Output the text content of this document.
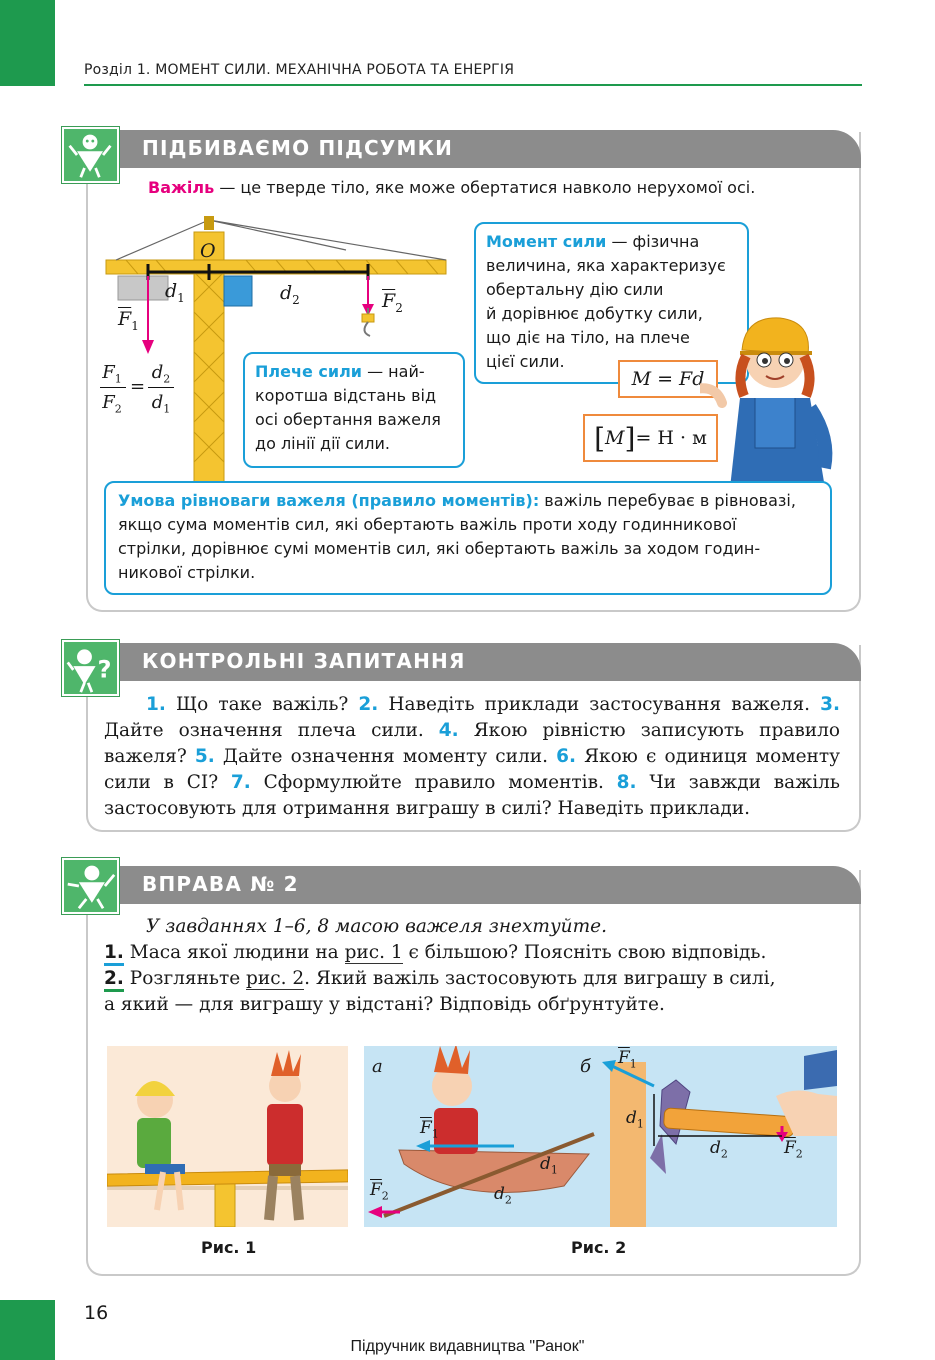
Розділ 1. МОМЕНТ СИЛИ. МЕХАНІЧНА РОБОТА ТА ЕНЕРГІЯ
ПІДБИВАЄМО ПІДСУМКИ
Важіль — це тверде тіло, яке може обертатися навколо нерухомої осі.
O
$d_1$	$d_2$
$\overline{F}_1$
$\overline{F}_2$
$F_1$
$F_2$
=
$d_2$
$d_1$
Плече сили — най-
коротша відстань від
осі обертання важеля
до лінії дії сили.
Момент сили — фізична
величина, яка характеризує
обертальну дію сили
й дорівнює добутку сили,
що діє на тіло, на плече
цієї сили.
M = Fd
[ M ] = Н · м
Умова рівноваги важеля (правило моментів): важіль перебуває в рівновазі,
якщо сума моментів сил, які обертають важіль проти ходу годинникової
стрілки, дорівнює сумі моментів сил, які обертають важіль за ходом годин-
никової стрілки.
КОНТРОЛЬНІ ЗАПИТАННЯ
?
1. Що таке важіль? 2. Наведіть приклади застосування важеля. 3. Дайте означення плеча сили. 4. Якою рівністю записують правило важеля? 5. Дайте означення моменту сили. 6. Якою є одиниця моменту сили в СІ? 7. Сформулюйте правило моментів. 8. Чи завжди важіль застосовують для отримання виграшу в силі? Наведіть приклади.
ВПРАВА № 2
У завданнях 1–6, 8 масою важеля знехтуйте.
1. Маса якої людини на рис. 1 є більшою? Поясніть свою відповідь.
2. Розгляньте рис. 2. Який важіль застосовують для виграшу в силі,
а який — для виграшу у відстані? Відповідь обґрунтуйте.
Рис. 1
а	б
$\overline{F}_1$
$\overline{F}_2$
$d_1$
$d_2$
$\overline{F}_1$
$d_1$
$d_2$	$\overline{F}_2$
Рис. 2
16
Підручник видавництва "Ранок"
